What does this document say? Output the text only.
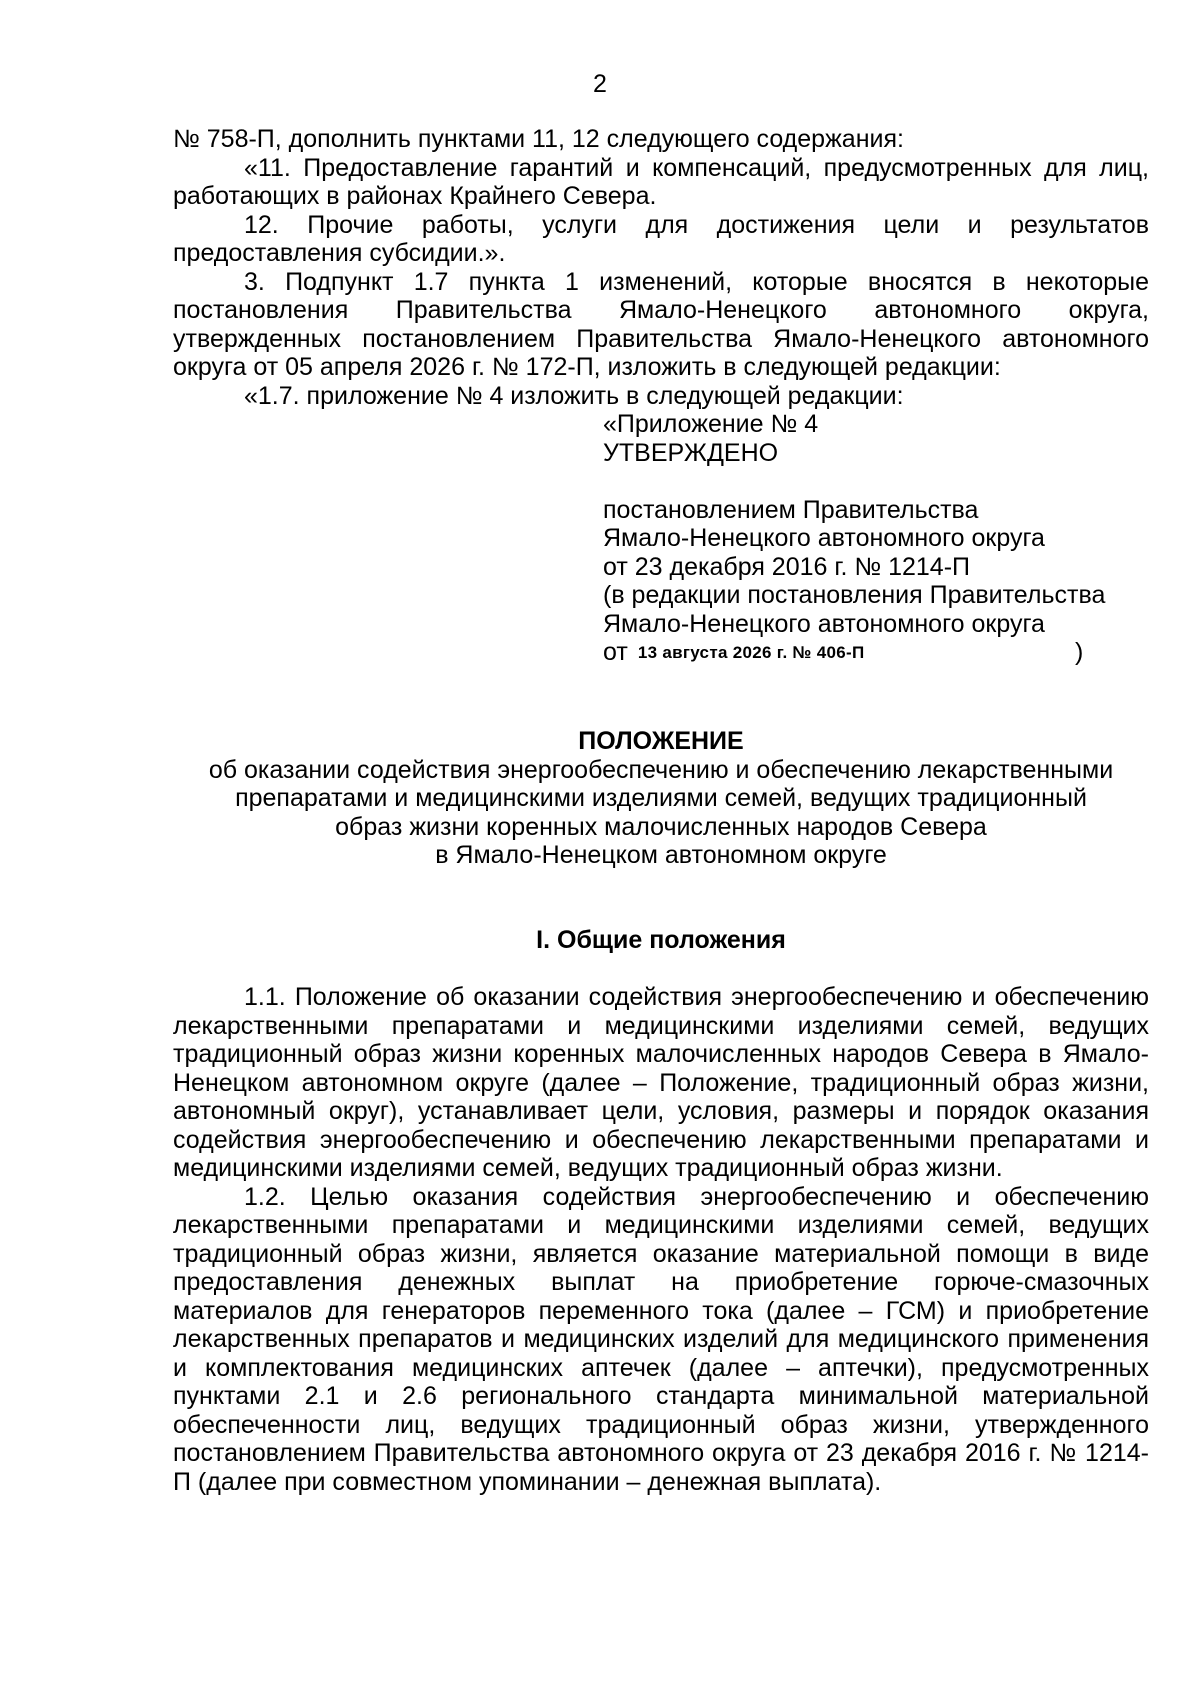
2

№ 758-П, дополнить пунктами 11, 12 следующего содержания:

«11. Предоставление гарантий и компенсаций, предусмотренных для лиц, работающих в районах Крайнего Севера.

12. Прочие работы, услуги для достижения цели и результатов предоставления субсидии.».

3. Подпункт 1.7 пункта 1 изменений, которые вносятся в некоторые постановления Правительства Ямало-Ненецкого автономного округа, утвержденных постановлением Правительства Ямало-Ненецкого автономного округа от 05 апреля 2026 г. № 172-П, изложить в следующей редакции:

«1.7. приложение № 4 изложить в следующей редакции:

«Приложение № 4
УТВЕРЖДЕНО
постановлением Правительства
Ямало-Ненецкого автономного округа
от 23 декабря 2016 г. № 1214-П
(в редакции постановления Правительства
Ямало-Ненецкого автономного округа
от 13 августа 2026 г. № 406-П	)
ПОЛОЖЕНИЕ
об оказании содействия энергообеспечению и обеспечению лекарственными
препаратами и медицинскими изделиями семей, ведущих традиционный
образ жизни коренных малочисленных народов Севера
в Ямало-Ненецком автономном округе
I. Общие положения

1.1. Положение об оказании содействия энергообеспечению и обеспечению лекарственными препаратами и медицинскими изделиями семей, ведущих традиционный образ жизни коренных малочисленных народов Севера в Ямало-Ненецком автономном округе (далее – Положение, традиционный образ жизни, автономный округ), устанавливает цели, условия, размеры и порядок оказания содействия энергообеспечению и обеспечению лекарственными препаратами и медицинскими изделиями семей, ведущих традиционный образ жизни.

1.2. Целью оказания содействия энергообеспечению и обеспечению лекарственными препаратами и медицинскими изделиями семей, ведущих традиционный образ жизни, является оказание материальной помощи в виде предоставления денежных выплат на приобретение горюче-смазочных материалов для генераторов переменного тока (далее – ГСМ) и приобретение лекарственных препаратов и медицинских изделий для медицинского применения и комплектования медицинских аптечек (далее – аптечки), предусмотренных пунктами 2.1 и 2.6 регионального стандарта минимальной материальной обеспеченности лиц, ведущих традиционный образ жизни, утвержденного постановлением Правительства автономного округа от 23 декабря 2016 г. № 1214-П (далее при совместном упоминании – денежная выплата).
